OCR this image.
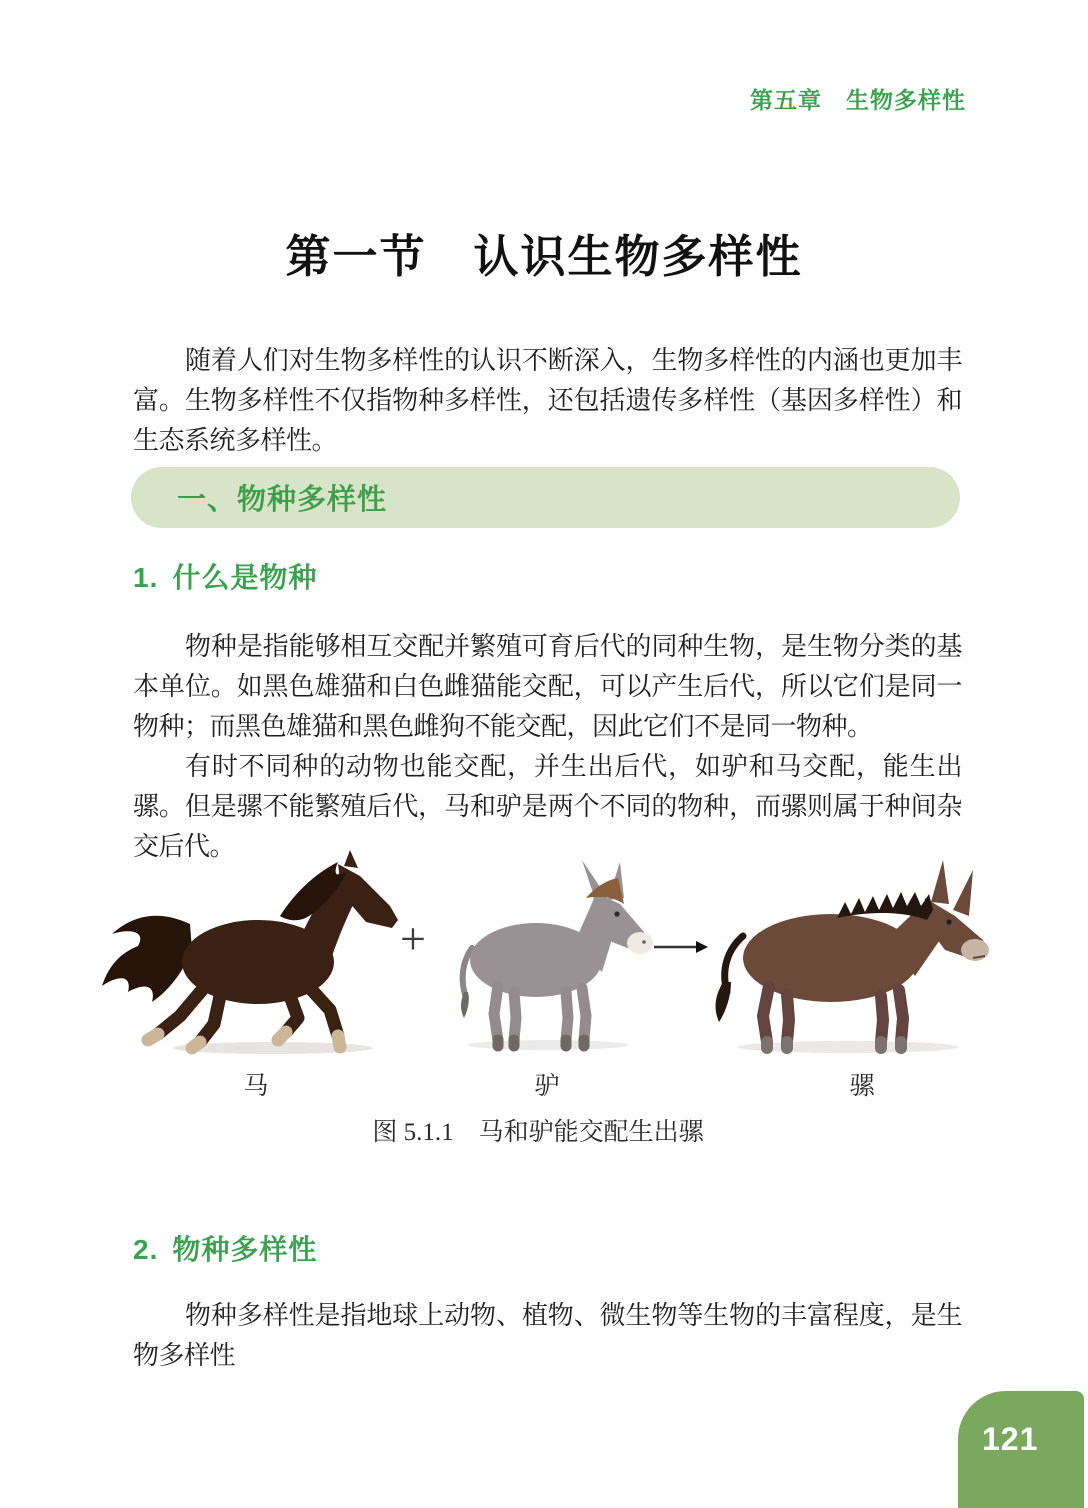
第五章　生物多样性
第一节　认识生物多样性

随着人们对生物多样性的认识不断深入，生物多样性的内涵也更加丰富。生物多样性不仅指物种多样性，还包括遗传多样性（基因多样性）和生态系统多样性。

一、物种多样性
1. 什么是物种

物种是指能够相互交配并繁殖可育后代的同种生物，是生物分类的基本单位。如黑色雄猫和白色雌猫能交配，可以产生后代，所以它们是同一物种；而黑色雄猫和黑色雌狗不能交配，因此它们不是同一物种。

有时不同种的动物也能交配，并生出后代，如驴和马交配，能生出骡。但是骡不能繁殖后代，马和驴是两个不同的物种，而骡则属于种间杂交后代。

+
马	驴	骡
图 5.1.1　马和驴能交配生出骡
2. 物种多样性

物种多样性是指地球上动物、植物、微生物等生物的丰富程度，是生物多样性

121
